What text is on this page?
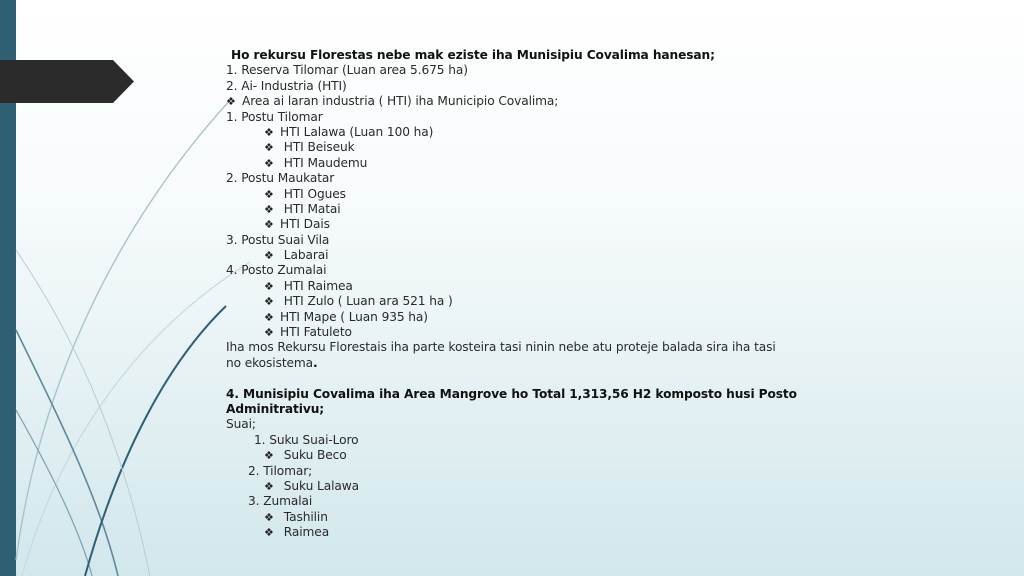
Ho rekursu Florestas nebe mak eziste iha Munisipiu Covalima hanesan;
1. Reserva Tilomar (Luan area 5.675 ha)
2. Ai- Industria (HTI)
❖ Area ai laran industria ( HTI) iha Municipio Covalima;
1. Postu Tilomar
❖ HTI Lalawa (Luan 100 ha)
❖ HTI Beiseuk
❖ HTI Maudemu
2. Postu Maukatar
❖ HTI Ogues
❖ HTI Matai
❖ HTI Dais
3. Postu Suai Vila
❖ Labarai
4. Posto Zumalai
❖ HTI Raimea
❖ HTI Zulo ( Luan ara 521 ha )
❖ HTI Mape ( Luan 935 ha)
❖ HTI Fatuleto
Iha mos Rekursu Florestais iha parte kosteira tasi ninin nebe atu proteje balada sira iha tasi
no ekosistema.
4. Munisipiu Covalima iha Area Mangrove ho Total 1,313,56 H2 komposto husi Posto
Adminitrativu;
Suai;
1. Suku Suai-Loro
❖ Suku Beco
2. Tilomar;
❖ Suku Lalawa
3. Zumalai
❖ Tashilin
❖ Raimea
